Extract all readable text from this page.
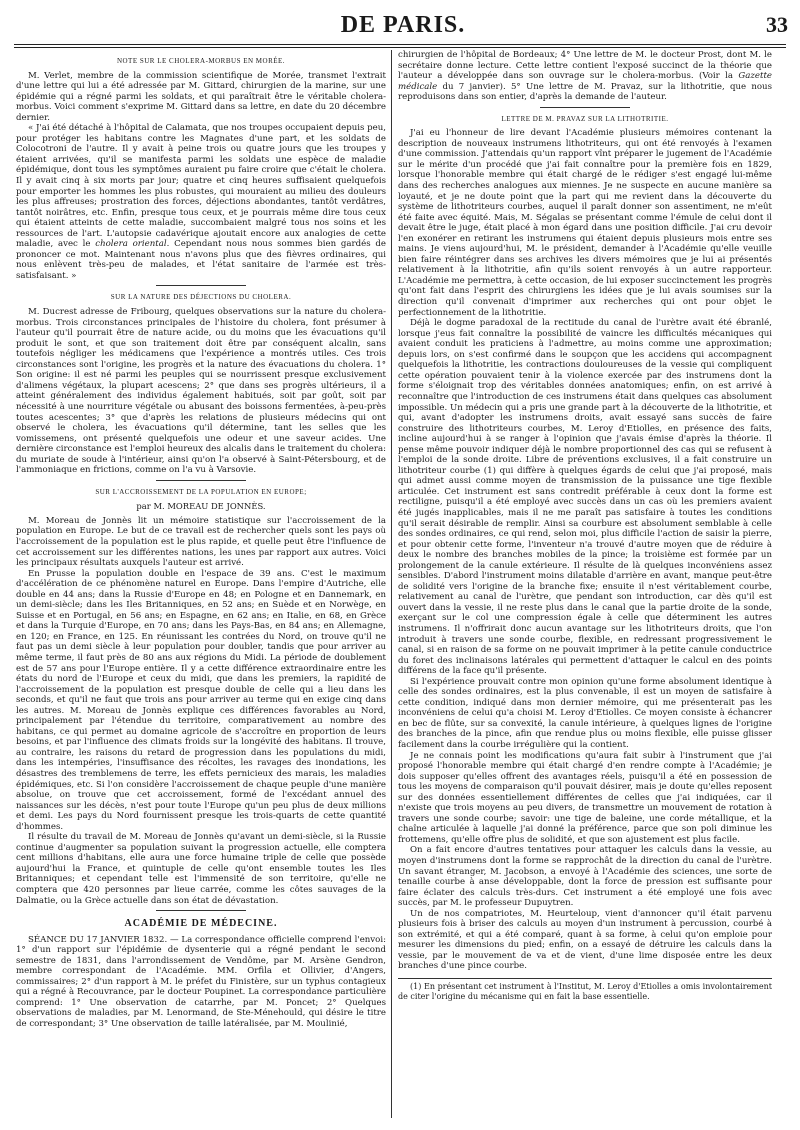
DE PARIS.	33
NOTE SUR LE CHOLERA-MORBUS EN MORÉE.

M. Verlet, membre de la commission scientifique de Morée, transmet l'extrait d'une lettre qui lui a été adressée par M. Gittard, chirurgien de la marine, sur une épidémie qui a régné parmi les soldats, et qui paraîtrait être le véritable cholera-morbus. Voici comment s'exprime M. Gittard dans sa lettre, en date du 20 décembre dernier.

« J'ai été détaché à l'hôpital de Calamata, que nos troupes occupaient depuis peu, pour protéger les habitans contre les Magnates d'une part, et les soldats de Colocotroni de l'autre. Il y avait à peine trois ou quatre jours que les troupes y étaient arrivées, qu'il se manifesta parmi les soldats une espèce de maladie épidémique, dont tous les symptômes auraient pu faire croire que c'était le cholera. Il y avait cinq à six morts par jour; quatre et cinq heures suffisaient quelquefois pour emporter les hommes les plus robustes, qui mouraient au milieu des douleurs les plus affreuses; prostration des forces, déjections abondantes, tantôt verdâtres, tantôt noirâtres, etc. Enfin, presque tous ceux, et je pourrais même dire tous ceux qui étaient atteints de cette maladie, succombaient malgré tous nos soins et les ressources de l'art. L'autopsie cadavérique ajoutait encore aux analogies de cette maladie, avec le cholera oriental. Cependant nous nous sommes bien gardés de prononcer ce mot. Maintenant nous n'avons plus que des fièvres ordinaires, qui nous enlèvent très-peu de malades, et l'état sanitaire de l'armée est très-satisfaisant. »

SUR LA NATURE DES DÉJECTIONS DU CHOLERA.

M. Ducrest adresse de Fribourg, quelques observations sur la nature du cholera-morbus. Trois circonstances principales de l'histoire du cholera, font présumer à l'auteur qu'il pourrait être de nature acide, ou du moins que les évacuations qu'il produit le sont, et que son traitement doit être par conséquent alcalin, sans toutefois négliger les médicamens que l'expérience a montrés utiles. Ces trois circonstances sont l'origine, les progrès et la nature des évacuations du cholera. 1° Son origine: il est né parmi les peuples qui se nourrissent presque exclusivement d'alimens végétaux, la plupart acescens; 2° que dans ses progrès ultérieurs, il a atteint généralement des individus également habitués, soit par goût, soit par nécessité à une nourriture végétale ou abusant des boissons fermentées, à-peu-près toutes acescentes; 3° que d'après les relations de plusieurs médecins qui ont observé le cholera, les évacuations qu'il détermine, tant les selles que les vomissemens, ont présenté quelquefois une odeur et une saveur acides. Une dernière circonstance est l'emploi heureux des alcalis dans le traitement du cholera: du muriate de soude à l'intérieur, ainsi qu'on l'a observé à Saint-Pétersbourg, et de l'ammoniaque en frictions, comme on l'a vu à Varsovie.

SUR L'ACCROISSEMENT DE LA POPULATION EN EUROPE;
par M. MOREAU DE JONNÈS.

M. Moreau de Jonnès lit un mémoire statistique sur l'accroissement de la population en Europe. Le but de ce travail est de rechercher quels sont les pays où l'accroissement de la population est le plus rapide, et quelle peut être l'influence de cet accroissement sur les différentes nations, les unes par rapport aux autres. Voici les principaux résultats auxquels l'auteur est arrivé.

En Prusse la population double en l'espace de 39 ans. C'est le maximum d'accélération de ce phénomène naturel en Europe. Dans l'empire d'Autriche, elle double en 44 ans; dans la Russie d'Europe en 48; en Pologne et en Dannemark, en un demi-siècle; dans les Iles Britanniques, en 52 ans; en Suède et en Norwège, en Suisse et en Portugal, en 56 ans; en Espagne, en 62 ans; en Italie, en 68, en Grèce et dans la Turquie d'Europe, en 70 ans; dans les Pays-Bas, en 84 ans; en Allemagne, en 120; en France, en 125. En réunissant les contrées du Nord, on trouve qu'il ne faut pas un demi siècle à leur population pour doubler, tandis que pour arriver au même terme, il faut près de 80 ans aux régions du Midi. La période de doublement est de 57 ans pour l'Europe entière. Il y a cette différence extraordinaire entre les états du nord de l'Europe et ceux du midi, que dans les premiers, la rapidité de l'accroissement de la population est presque double de celle qui a lieu dans les seconds, et qu'il ne faut que trois ans pour arriver au terme qui en exige cinq dans les autres. M. Moreau de Jonnès explique ces différences favorables au Nord, principalement par l'étendue du territoire, comparativement au nombre des habitans, ce qui permet au domaine agricole de s'accroître en proportion de leurs besoins, et par l'influence des climats froids sur la longévité des habitans. Il trouve, au contraire, les raisons du retard de progression dans les populations du midi, dans les intempéries, l'insuffisance des récoltes, les ravages des inondations, les désastres des tremblemens de terre, les effets pernicieux des marais, les maladies épidémiques, etc. Si l'on considère l'accroissement de chaque peuple d'une manière absolue, on trouve que cet accroissement, formé de l'excédant annuel des naissances sur les décès, n'est pour toute l'Europe qu'un peu plus de deux millions et demi. Les pays du Nord fournissent presque les trois-quarts de cette quantité d'hommes.

Il résulte du travail de M. Moreau de Jonnès qu'avant un demi-siècle, si la Russie continue d'augmenter sa population suivant la progression actuelle, elle comptera cent millions d'habitans, elle aura une force humaine triple de celle que possède aujourd'hui la France, et quintuple de celle qu'ont ensemble toutes les Iles Britanniques; et cependant telle est l'immensité de son territoire, qu'elle ne comptera que 420 personnes par lieue carrée, comme les côtes sauvages de la Dalmatie, ou la Grèce actuelle dans son état de dévastation.

ACADÉMIE DE MÉDECINE.

SÉANCE DU 17 JANVIER 1832. — La correspondance officielle comprend l'envoi: 1° d'un rapport sur l'épidémie de dysenterie qui a régné pendant le second semestre de 1831, dans l'arrondissement de Vendôme, par M. Arsène Gendron, membre correspondant de l'Académie. MM. Orfila et Ollivier, d'Angers, commissaires; 2° d'un rapport à M. le préfet du Finistère, sur un typhus contagieux qui a régné à Recouvrance, par le docteur Poupinet. La correspondance particulière comprend: 1° Une observation de catarrhe, par M. Poncet; 2° Quelques observations de maladies, par M. Lenormand, de Ste-Ménehould, qui désire le titre de correspondant; 3° Une observation de taille latéralisée, par M. Moulinié,

chirurgien de l'hôpital de Bordeaux; 4° Une lettre de M. le docteur Prost, dont M. le secrétaire donne lecture. Cette lettre contient l'exposé succinct de la théorie que l'auteur a développée dans son ouvrage sur le cholera-morbus. (Voir la Gazette médicale du 7 janvier). 5° Une lettre de M. Pravaz, sur la lithotritie, que nous reproduisons dans son entier, d'après la demande de l'auteur.

LETTRE DE M. PRAVAZ SUR LA LITHOTRITIE.

J'ai eu l'honneur de lire devant l'Académie plusieurs mémoires contenant la description de nouveaux instrumens lithotriteurs, qui ont été renvoyés à l'examen d'une commission. J'attendais qu'un rapport vînt préparer le jugement de l'Académie sur le mérite d'un procédé que j'ai fait connaître pour la première fois en 1829, lorsque l'honorable membre qui était chargé de le rédiger s'est engagé lui-même dans des recherches analogues aux miennes. Je ne suspecte en aucune manière sa loyauté, et je ne doute point que la part qui me revient dans la découverte du système de lithotriteurs courbes, auquel il paraît donner son assentiment, ne m'eût été faite avec équité. Mais, M. Ségalas se présentant comme l'émule de celui dont il devait être le juge, était placé à mon égard dans une position difficile. J'ai cru devoir l'en exonérer en retirant les instrumens qui étaient depuis plusieurs mois entre ses mains. Je viens aujourd'hui, M. le président, demander à l'Académie qu'elle veuille bien faire réintégrer dans ses archives les divers mémoires que je lui ai présentés relativement à la lithotritie, afin qu'ils soient renvoyés à un autre rapporteur. L'Académie me permettra, à cette occasion, de lui exposer succinctement les progrès qu'ont fait dans l'esprit des chirurgiens les idées que je lui avais soumises sur la direction qu'il convenait d'imprimer aux recherches qui ont pour objet le perfectionnement de la lithotritie.

Déjà le dogme paradoxal de la rectitude du canal de l'urètre avait été ébranlé, lorsque j'eus fait connaître la possibilité de vaincre les difficultés mécaniques qui avaient conduit les praticiens à l'admettre, au moins comme une approximation; depuis lors, on s'est confirmé dans le soupçon que les accidens qui accompagnent quelquefois la lithotritie, les contractions douloureuses de la vessie qui compliquent cette opération pouvaient tenir à la violence exercée par des instrumens dont la forme s'éloignait trop des véritables données anatomiques; enfin, on est arrivé à reconnaître que l'introduction de ces instrumens était dans quelques cas absolument impossible. Un médecin qui a pris une grande part à la découverte de la lithotritie, et qui, avant d'adopter les instrumens droits, avait essayé sans succès de faire construire des lithotriteurs courbes, M. Leroy d'Etiolles, en présence des faits, incline aujourd'hui à se ranger à l'opinion que j'avais émise d'après la théorie. Il pense même pouvoir indiquer déjà le nombre proportionnel des cas qui se refusent à l'emploi de la sonde droite. Libre de préventions exclusives, il a fait construire un lithotriteur courbe (1) qui diffère à quelques égards de celui que j'ai proposé, mais qui admet aussi comme moyen de transmission de la puissance une tige flexible articulée. Cet instrument est sans contredit préférable à ceux dont la forme est rectiligne, puisqu'il a été employé avec succès dans un cas où les premiers avaient été jugés inapplicables, mais il ne me paraît pas satisfaire à toutes les conditions qu'il serait désirable de remplir. Ainsi sa courbure est absolument semblable à celle des sondes ordinaires, ce qui rend, selon moi, plus difficile l'action de saisir la pierre, et pour obtenir cette forme, l'inventeur n'a trouvé d'autre moyen que de réduire à deux le nombre des branches mobiles de la pince; la troisième est formée par un prolongement de la canule extérieure. Il résulte de là quelques inconvéniens assez sensibles. D'abord l'instrument moins dilatable d'arrière en avant, manque peut-être de solidité vers l'origine de la branche fixe; ensuite il n'est véritablement courbe, relativement au canal de l'urètre, que pendant son introduction, car dès qu'il est ouvert dans la vessie, il ne reste plus dans le canal que la partie droite de la sonde, exerçant sur le col une compression égale à celle que déterminent les autres instrumens. Il n'offrirait donc aucun avantage sur les lithotriteurs droits, que l'on introduit à travers une sonde courbe, flexible, en redressant progressivement le canal, si en raison de sa forme on ne pouvait imprimer à la petite canule conductrice du foret des inclinaisons latérales qui permettent d'attaquer le calcul en des points différens de la face qu'il présente.

Si l'expérience prouvait contre mon opinion qu'une forme absolument identique à celle des sondes ordinaires, est la plus convenable, il est un moyen de satisfaire à cette condition, indiqué dans mon dernier mémoire, qui me présenterait pas les inconvéniens de celui qu'a choisi M. Leroy d'Etiolles. Ce moyen consiste à échancrer en bec de flûte, sur sa convexité, la canule intérieure, à quelques lignes de l'origine des branches de la pince, afin que rendue plus ou moins flexible, elle puisse glisser facilement dans la courbe irrégulière qui la contient.

Je ne connais point les modifications qu'aura fait subir à l'instrument que j'ai proposé l'honorable membre qui était chargé d'en rendre compte à l'Académie; je dois supposer qu'elles offrent des avantages réels, puisqu'il a été en possession de tous les moyens de comparaison qu'il pouvait désirer, mais je doute qu'elles reposent sur des données essentiellement différentes de celles que j'ai indiquées, car il n'existe que trois moyens au peu divers, de transmettre un mouvement de rotation à travers une sonde courbe; savoir: une tige de baleine, une corde métallique, et la chaîne articulée à laquelle j'ai donné la préférence, parce que son poli diminue les frottemens, qu'elle offre plus de solidité, et que son ajustement est plus facile.

On a fait encore d'autres tentatives pour attaquer les calculs dans la vessie, au moyen d'instrumens dont la forme se rapprochât de la direction du canal de l'urètre. Un savant étranger, M. Jacobson, a envoyé à l'Académie des sciences, une sorte de tenaille courbe à anse développable, dont la force de pression est suffisante pour faire éclater des calculs très-durs. Cet instrument a été employé une fois avec succès, par M. le professeur Dupuytren.

Un de nos compatriotes, M. Heurteloup, vient d'annoncer qu'il était parvenu plusieurs fois à briser des calculs au moyen d'un instrument à percussion, courbé à son extrémité, et qui a été comparé, quant à sa forme, à celui qu'on emploie pour mesurer les dimensions du pied; enfin, on a essayé de détruire les calculs dans la vessie, par le mouvement de va et de vient, d'une lime disposée entre les deux branches d'une pince courbe.

(1) En présentant cet instrument à l'Institut, M. Leroy d'Etiolles a omis involontairement de citer l'origine du mécanisme qui en fait la base essentielle.
